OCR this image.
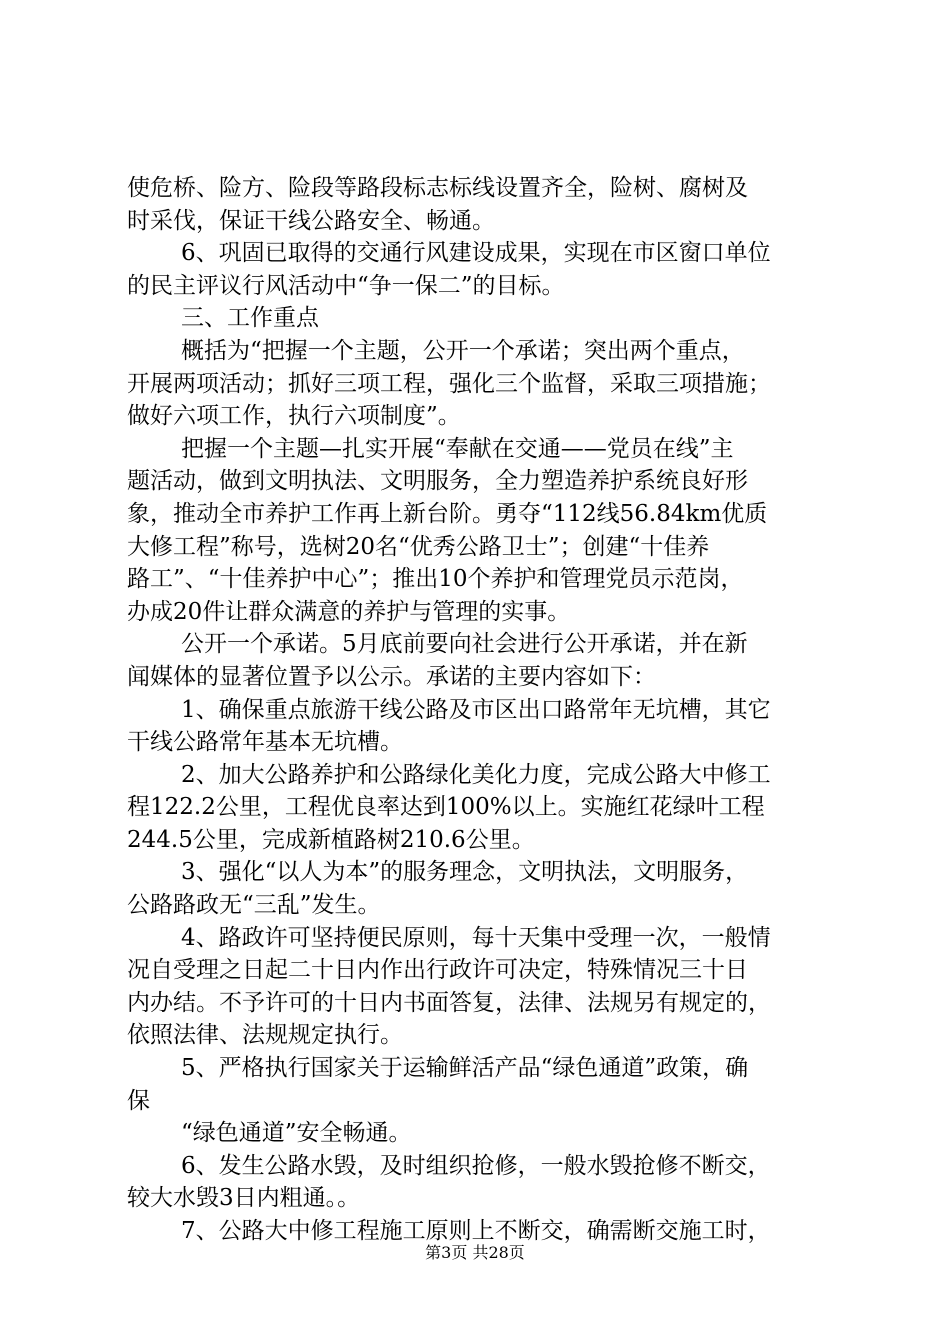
使危桥、险方、险段等路段标志标线设置齐全，险树、腐树及
时采伐，保证干线公路安全、畅通。
6、巩固已取得的交通行风建设成果，实现在市区窗口单位
的民主评议行风活动中“争一保二”的目标。
三、工作重点
概括为“把握一个主题，公开一个承诺；突出两个重点，
开展两项活动；抓好三项工程，强化三个监督，采取三项措施；
做好六项工作，执行六项制度”。
把握一个主题—扎实开展“奉献在交通——党员在线”主
题活动，做到文明执法、文明服务，全力塑造养护系统良好形
象，推动全市养护工作再上新台阶。勇夺“112线56.84km优质
大修工程”称号，选树20名“优秀公路卫士”；创建“十佳养
路工”、“十佳养护中心”；推出10个养护和管理党员示范岗，
办成20件让群众满意的养护与管理的实事。
公开一个承诺。5月底前要向社会进行公开承诺，并在新
闻媒体的显著位置予以公示。承诺的主要内容如下：
1、确保重点旅游干线公路及市区出口路常年无坑槽，其它
干线公路常年基本无坑槽。
2、加大公路养护和公路绿化美化力度，完成公路大中修工
程122.2公里，工程优良率达到100%以上。实施红花绿叶工程
244.5公里，完成新植路树210.6公里。
3、强化“以人为本”的服务理念，文明执法，文明服务，
公路路政无“三乱”发生。
4、路政许可坚持便民原则，每十天集中受理一次，一般情
况自受理之日起二十日内作出行政许可决定，特殊情况三十日
内办结。不予许可的十日内书面答复，法律、法规另有规定的，
依照法律、法规规定执行。
5、严格执行国家关于运输鲜活产品“绿色通道”政策，确
保
“绿色通道”安全畅通。
6、发生公路水毁，及时组织抢修，一般水毁抢修不断交，
较大水毁3日内粗通。。
7、公路大中修工程施工原则上不断交，确需断交施工时，
第3页 共28页
